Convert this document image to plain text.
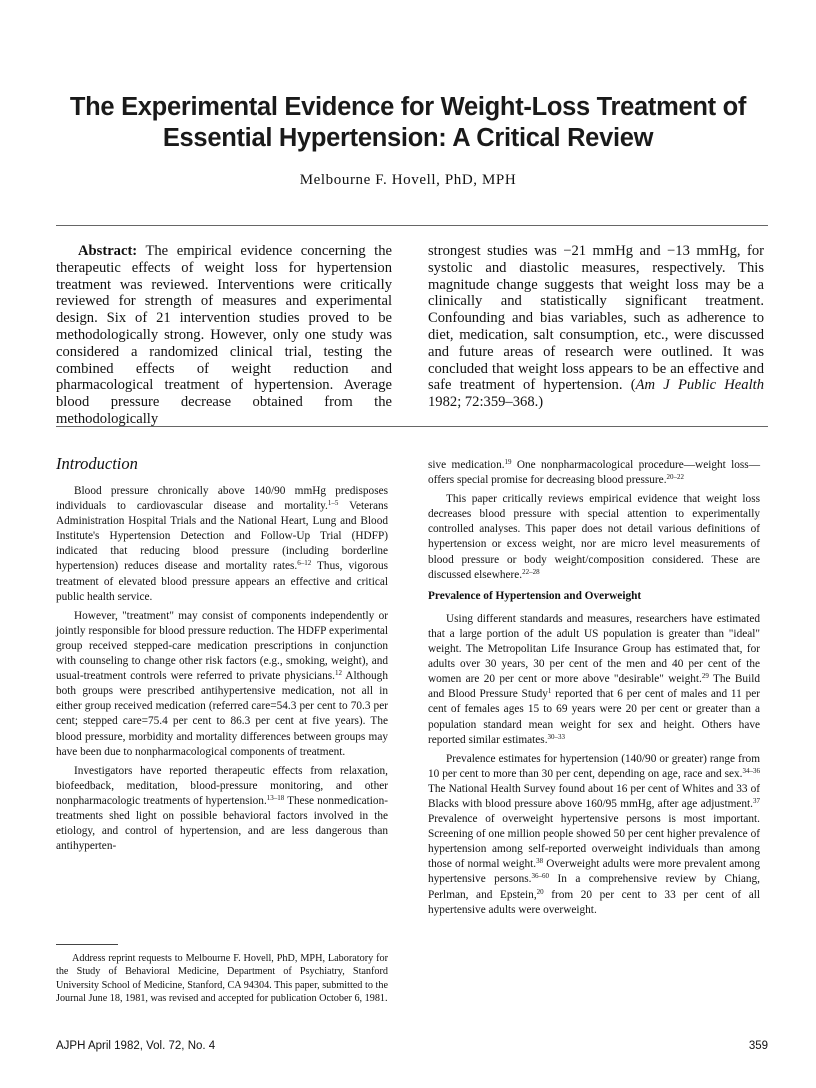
The Experimental Evidence for Weight-Loss Treatment of Essential Hypertension: A Critical Review
Melbourne F. Hovell, PhD, MPH
Abstract: The empirical evidence concerning the therapeutic effects of weight loss for hypertension treatment was reviewed. Interventions were critically reviewed for strength of measures and experimental design. Six of 21 intervention studies proved to be methodologically strong. However, only one study was considered a randomized clinical trial, testing the combined effects of weight reduction and pharmacological treatment of hypertension. Average blood pressure decrease obtained from the methodologically
strongest studies was −21 mmHg and −13 mmHg, for systolic and diastolic measures, respectively. This magnitude change suggests that weight loss may be a clinically and statistically significant treatment. Confounding and bias variables, such as adherence to diet, medication, salt consumption, etc., were discussed and future areas of research were outlined. It was concluded that weight loss appears to be an effective and safe treatment of hypertension. (Am J Public Health 1982; 72:359–368.)
Introduction

Blood pressure chronically above 140/90 mmHg predisposes individuals to cardiovascular disease and mortality.$^{1-5}$ Veterans Administration Hospital Trials and the National Heart, Lung and Blood Institute's Hypertension Detection and Follow-Up Trial (HDFP) indicated that reducing blood pressure (including borderline hypertension) reduces disease and mortality rates.$^{6-12}$ Thus, vigorous treatment of elevated blood pressure appears an effective and critical public health service.

However, "treatment" may consist of components independently or jointly responsible for blood pressure reduction. The HDFP experimental group received stepped-care medication prescriptions in conjunction with counseling to change other risk factors (e.g., smoking, weight), and usual-treatment controls were referred to private physicians.$^{12}$ Although both groups were prescribed antihypertensive medication, not all in either group received medication (referred care=54.3 per cent to 70.3 per cent; stepped care=75.4 per cent to 86.3 per cent at five years). The blood pressure, morbidity and mortality differences between groups may have been due to nonpharmacological components of treatment.

Investigators have reported therapeutic effects from relaxation, biofeedback, meditation, blood-pressure monitoring, and other nonpharmacologic treatments of hypertension.$^{13-18}$ These nonmedication-treatments shed light on possible behavioral factors involved in the etiology, and control of hypertension, and are less dangerous than antihyperten-

sive medication.$^{19}$ One nonpharmacological procedure—weight loss—offers special promise for decreasing blood pressure.$^{20-22}$

This paper critically reviews empirical evidence that weight loss decreases blood pressure with special attention to experimentally controlled analyses. This paper does not detail various definitions of hypertension or excess weight, nor are micro level measurements of blood pressure or body weight/composition considered. These are discussed elsewhere.$^{22-28}$

Prevalence of Hypertension and Overweight

Using different standards and measures, researchers have estimated that a large portion of the adult US population is greater than "ideal" weight. The Metropolitan Life Insurance Group has estimated that, for adults over 30 years, 30 per cent of the men and 40 per cent of the women are 20 per cent or more above "desirable" weight.$^{29}$ The Build and Blood Pressure Study$^1$ reported that 6 per cent of males and 11 per cent of females ages 15 to 69 years were 20 per cent or greater than a population standard mean weight for sex and height. Others have reported similar estimates.$^{30-33}$

Prevalence estimates for hypertension (140/90 or greater) range from 10 per cent to more than 30 per cent, depending on age, race and sex.$^{34-36}$ The National Health Survey found about 16 per cent of Whites and 33 of Blacks with blood pressure above 160/95 mmHg, after age adjustment.$^{37}$ Prevalence of overweight hypertensive persons is most important. Screening of one million people showed 50 per cent higher prevalence of hypertension among self-reported overweight individuals than among those of normal weight.$^{38}$ Overweight adults were more prevalent among hypertensive persons.$^{36-60}$ In a comprehensive review by Chiang, Perlman, and Epstein,$^{20}$ from 20 per cent to 33 per cent of all hypertensive adults were overweight.

Address reprint requests to Melbourne F. Hovell, PhD, MPH, Laboratory for the Study of Behavioral Medicine, Department of Psychiatry, Stanford University School of Medicine, Stanford, CA 94304. This paper, submitted to the Journal June 18, 1981, was revised and accepted for publication October 6, 1981.
AJPH April 1982, Vol. 72, No. 4	359
